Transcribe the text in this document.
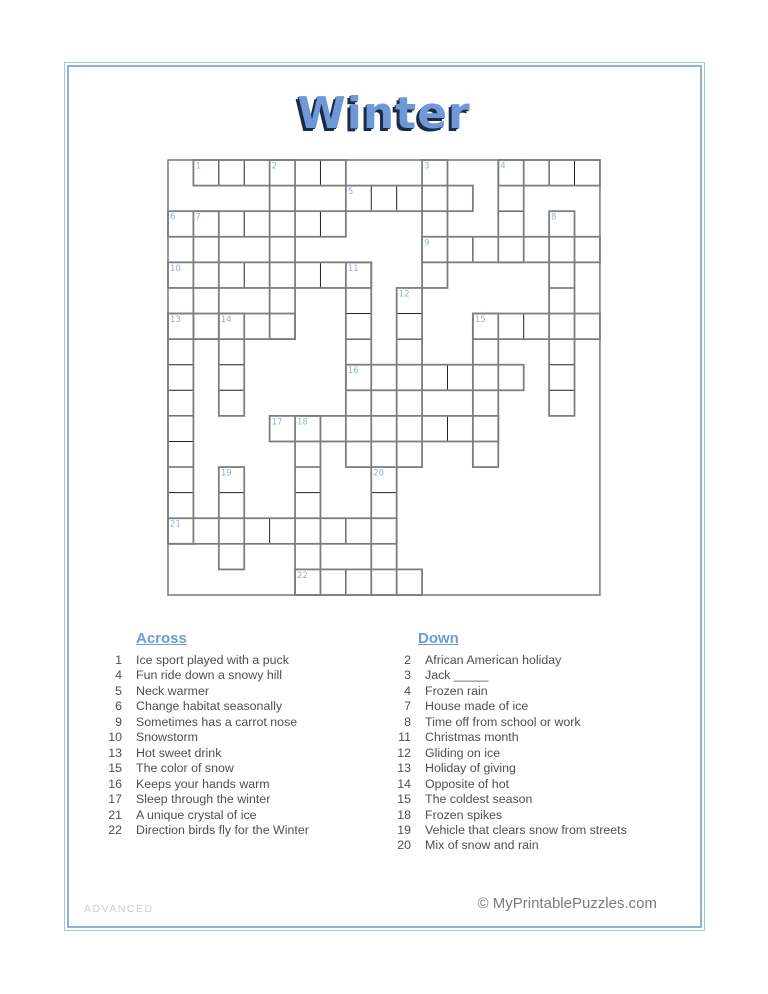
Winter
1	2	3	4
5
6 7	8
9
10	11
12
13	14	15
16
17 18
19	20
21
22
Across
1 Ice sport played with a puck
4 Fun ride down a snowy hill
5 Neck warmer
6 Change habitat seasonally
9 Sometimes has a carrot nose
10 Snowstorm
13 Hot sweet drink
15 The color of snow
16 Keeps your hands warm
17 Sleep through the winter
21 A unique crystal of ice
22 Direction birds fly for the Winter
Down
2 African American holiday
3 Jack _____
4 Frozen rain
7 House made of ice
8 Time off from school or work
11 Christmas month
12 Gliding on ice
13 Holiday of giving
14 Opposite of hot
15 The coldest season
18 Frozen spikes
19 Vehicle that clears snow from streets
20 Mix of snow and rain
ADVANCED	© MyPrintablePuzzles.com
